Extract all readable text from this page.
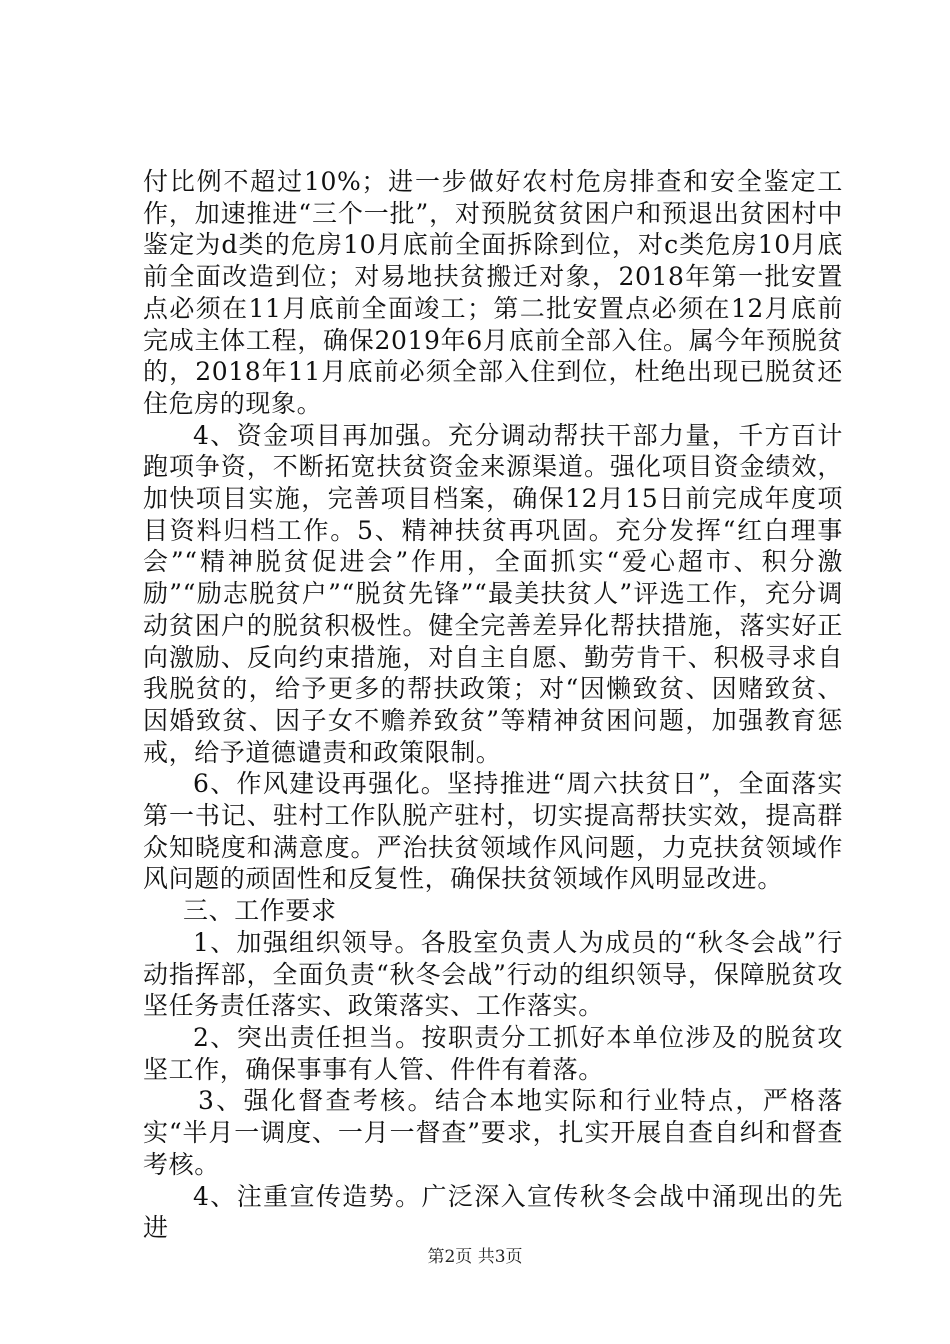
付比例不超过10%；进一步做好农村危房排查和安全鉴定工作，加速推进“三个一批”，对预脱贫贫困户和预退出贫困村中鉴定为d类的危房10月底前全面拆除到位，对c类危房10月底前全面改造到位；对易地扶贫搬迁对象，2018年第一批安置点必须在11月底前全面竣工；第二批安置点必须在12月底前完成主体工程，确保2019年6月底前全部入住。属今年预脱贫的，2018年11月底前必须全部入住到位，杜绝出现已脱贫还住危房的现象。

4、资金项目再加强。充分调动帮扶干部力量，千方百计跑项争资，不断拓宽扶贫资金来源渠道。强化项目资金绩效，加快项目实施，完善项目档案，确保12月15日前完成年度项目资料归档工作。5、精神扶贫再巩固。充分发挥“红白理事会”“精神脱贫促进会”作用，全面抓实“爱心超市、积分激励”“励志脱贫户”“脱贫先锋”“最美扶贫人”评选工作，充分调动贫困户的脱贫积极性。健全完善差异化帮扶措施，落实好正向激励、反向约束措施，对自主自愿、勤劳肯干、积极寻求自我脱贫的，给予更多的帮扶政策；对“因懒致贫、因赌致贫、因婚致贫、因子女不赡养致贫”等精神贫困问题，加强教育惩戒，给予道德谴责和政策限制。

6、作风建设再强化。坚持推进“周六扶贫日”，全面落实第一书记、驻村工作队脱产驻村，切实提高帮扶实效，提高群众知晓度和满意度。严治扶贫领域作风问题，力克扶贫领域作风问题的顽固性和反复性，确保扶贫领域作风明显改进。

三、工作要求

1、加强组织领导。各股室负责人为成员的“秋冬会战”行动指挥部，全面负责“秋冬会战”行动的组织领导，保障脱贫攻坚任务责任落实、政策落实、工作落实。

2、突出责任担当。按职责分工抓好本单位涉及的脱贫攻坚工作，确保事事有人管、件件有着落。

3、强化督查考核。结合本地实际和行业特点，严格落实“半月一调度、一月一督查”要求，扎实开展自查自纠和督查考核。

4、注重宣传造势。广泛深入宣传秋冬会战中涌现出的先进

第2页 共3页
